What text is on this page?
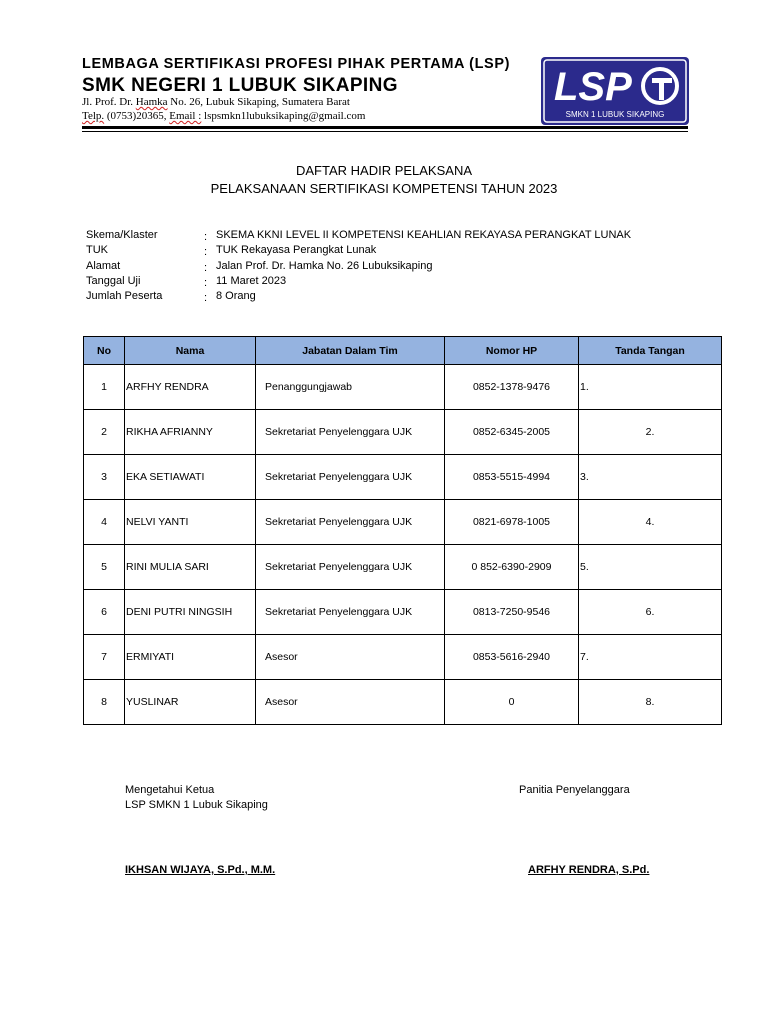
LEMBAGA SERTIFIKASI PROFESI PIHAK PERTAMA (LSP)
SMK NEGERI 1 LUBUK SIKAPING
Jl. Prof. Dr. Hamka No. 26, Lubuk Sikaping, Sumatera Barat
Telp. (0753)20365, Email : lspsmkn1lubuksikaping@gmail.com
LSP
SMKN 1 LUBUK SIKAPING
DAFTAR HADIR PELAKSANA
PELAKSANAAN SERTIFIKASI KOMPETENSI TAHUN 2023
Skema/Klaster	: SKEMA KKNI LEVEL II KOMPETENSI KEAHLIAN REKAYASA PERANGKAT LUNAK
TUK	: TUK Rekayasa Perangkat Lunak
Alamat	: Jalan Prof. Dr. Hamka No. 26 Lubuksikaping
Tanggal Uji	: 11 Maret 2023
Jumlah Peserta	: 8 Orang
No	Nama	Jabatan Dalam Tim	Nomor HP	Tanda Tangan
1	ARFHY RENDRA	Penanggungjawab	0852-1378-9476	1.
2	RIKHA AFRIANNY	Sekretariat Penyelenggara UJK	0852-6345-2005	2.
3	EKA SETIAWATI	Sekretariat Penyelenggara UJK	0853-5515-4994	3.
4	NELVI YANTI	Sekretariat Penyelenggara UJK	0821-6978-1005	4.
5	RINI MULIA SARI	Sekretariat Penyelenggara UJK	0 852-6390-2909	5.
6	DENI PUTRI NINGSIH	Sekretariat Penyelenggara UJK	0813-7250-9546	6.
7	ERMIYATI	Asesor	0853-5616-2940	7.
8	YUSLINAR	Asesor	0	8.
Mengetahui Ketua
LSP SMKN 1 Lubuk Sikaping
IKHSAN WIJAYA, S.Pd., M.M.
Panitia Penyelanggara
ARFHY RENDRA, S.Pd.
